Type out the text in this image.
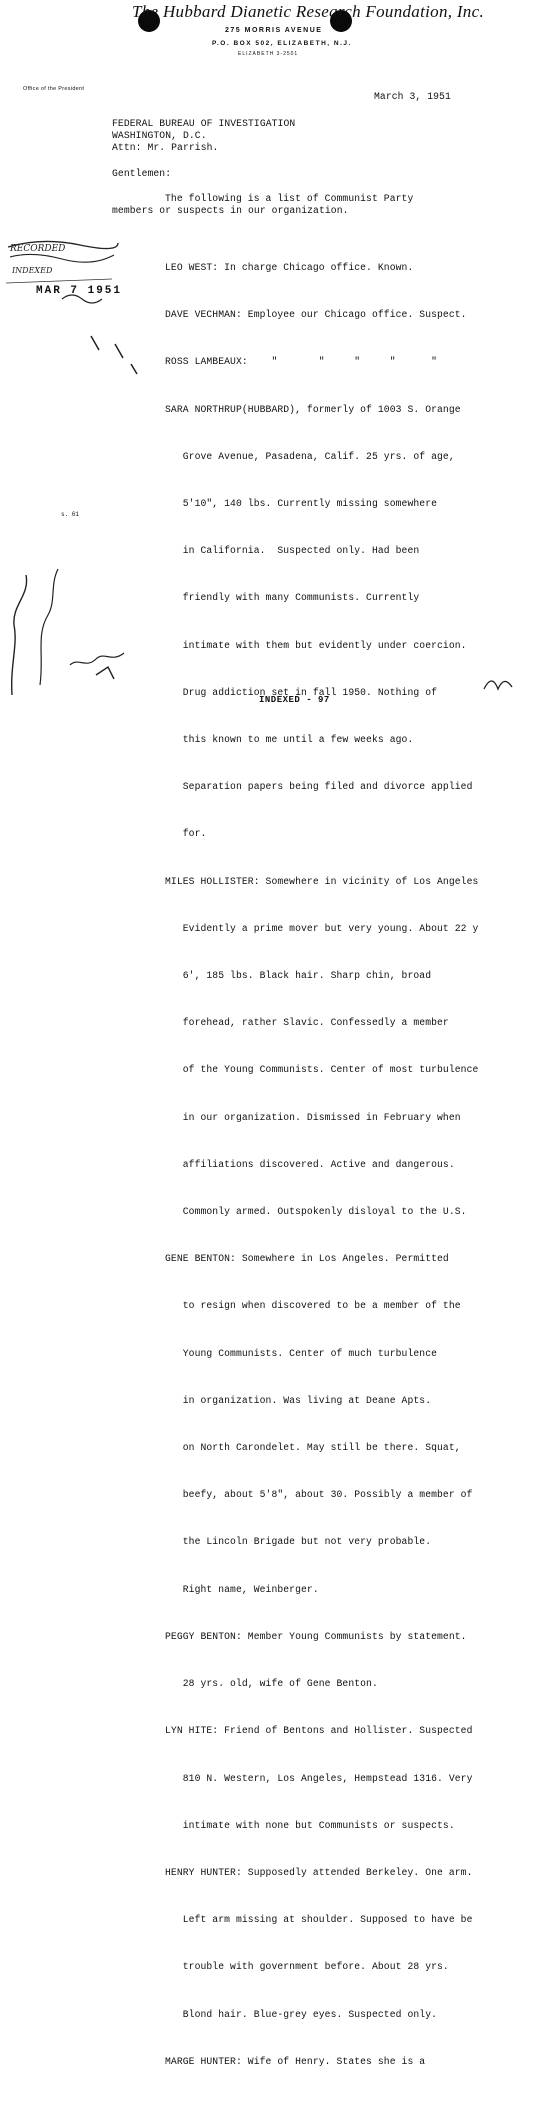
The Hubbard Dianetic Research Foundation, Inc.
275 MORRIS AVENUE
P.O. BOX 502, ELIZABETH, N.J.
ELIZABETH 3-2501
Office of the President
March 3, 1951
FEDERAL BUREAU OF INVESTIGATION
WASHINGTON, D.C.
Attn: Mr. Parrish.
Gentlemen:
The following is a list of Communist Party
members or suspects in our organization.

LEO WEST: In charge Chicago office. Known.

DAVE VECHMAN: Employee our Chicago office. Suspect.

ROSS LAMBEAUX:    "       "     "     "      "

SARA NORTHRUP(HUBBARD), formerly of 1003 S. Orange

Grove Avenue, Pasadena, Calif. 25 yrs. of age,

5'10", 140 lbs. Currently missing somewhere

in California.  Suspected only. Had been

friendly with many Communists. Currently

intimate with them but evidently under coercion.

Drug addiction set in fall 1950. Nothing of

this known to me until a few weeks ago.

Separation papers being filed and divorce applied

for.

MILES HOLLISTER: Somewhere in vicinity of Los Angeles

Evidently a prime mover but very young. About 22 y

6', 185 lbs. Black hair. Sharp chin, broad

forehead, rather Slavic. Confessedly a member

of the Young Communists. Center of most turbulence

in our organization. Dismissed in February when

affiliations discovered. Active and dangerous.

Commonly armed. Outspokenly disloyal to the U.S.

GENE BENTON: Somewhere in Los Angeles. Permitted

to resign when discovered to be a member of the

Young Communists. Center of much turbulence

in organization. Was living at Deane Apts.

on North Carondelet. May still be there. Squat,

beefy, about 5'8", about 30. Possibly a member of

the Lincoln Brigade but not very probable.

Right name, Weinberger.

PEGGY BENTON: Member Young Communists by statement.

28 yrs. old, wife of Gene Benton.

LYN HITE: Friend of Bentons and Hollister. Suspected

810 N. Western, Los Angeles, Hempstead 1316. Very

intimate with none but Communists or suspects.

HENRY HUNTER: Supposedly attended Berkeley. One arm.

Left arm missing at shoulder. Supposed to have be

trouble with government before. About 28 yrs.

Blond hair. Blue-grey eyes. Suspected only.

MARGE HUNTER: Wife of Henry. States she is a

RECORDED
INDEXED
MAR 7 1951
s. 61
INDEXED - 97
